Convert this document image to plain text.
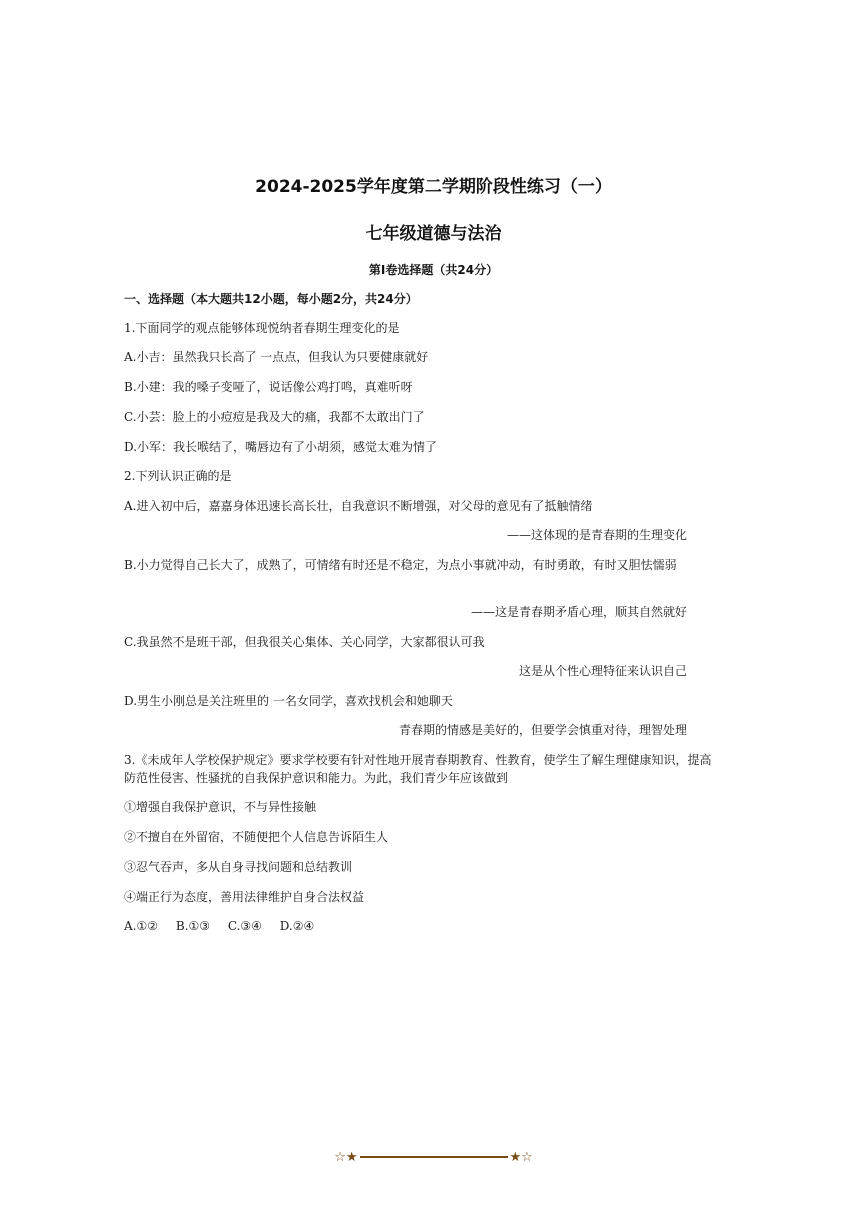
2024-2025学年度第二学期阶段性练习（一）
七年级道德与法治
第I卷选择题（共24分）
一、选择题（本大题共12小题，每小题2分，共24分）
1.下面同学的观点能够体现悦纳者春期生理变化的是
A.小吉：虽然我只长高了 一点点，但我认为只要健康就好
B.小建：我的嗓子变哑了，说话像公鸡打鸣，真难听呀
C.小芸：脸上的小痘痘是我及大的痛，我都不太敢出门了
D.小军：我长喉结了，嘴唇边有了小胡须，感觉太难为情了
2.下列认识正确的是
A.进入初中后，嘉嘉身体迅速长高长壮，自我意识不断增强，对父母的意见有了抵触情绪
——这体现的是青春期的生理变化
B.小力觉得自己长大了，成熟了，可情绪有时还是不稳定，为点小事就冲动，有时勇敢，有时又胆怯懦弱
——这是青春期矛盾心理，顺其自然就好
C.我虽然不是班干部，但我很关心集体、关心同学，大家都很认可我
这是从个性心理特征来认识自己
D.男生小刚总是关注班里的 一名女同学，喜欢找机会和她聊天
青春期的情感是美好的，但要学会慎重对待，理智处理
3.《未成年人学校保护规定》要求学校要有针对性地开展青春期教育、性教育，使学生了解生理健康知识，提高防范性侵害、性骚扰的自我保护意识和能力。为此，我们青少年应该做到
①增强自我保护意识，不与异性接触
②不擅自在外留宿，不随便把个人信息告诉陌生人
③忍气吞声，多从自身寻找问题和总结教训
④端正行为态度，善用法律维护自身合法权益
A.①② B.①③ C.③④ D.②④
☆★	★☆
